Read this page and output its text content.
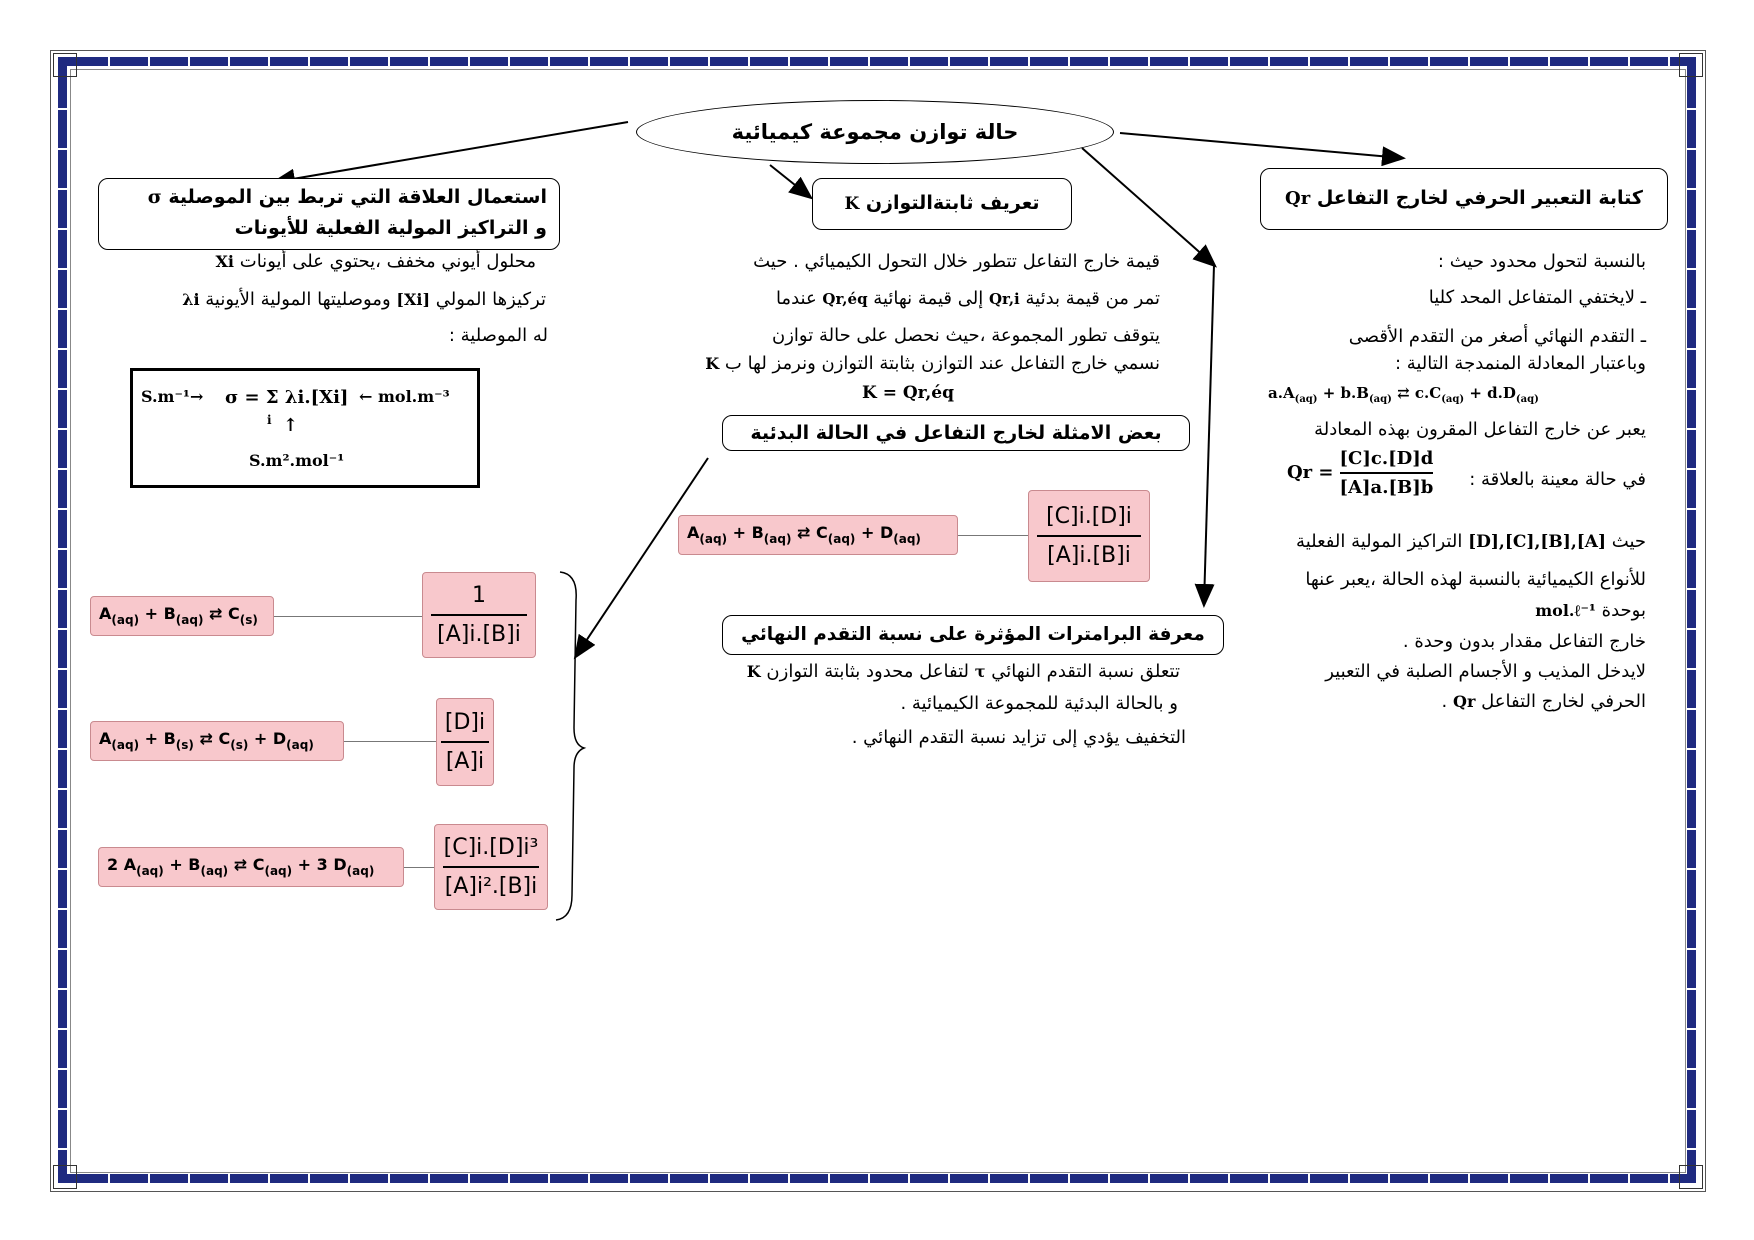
حالة توازن مجموعة كيميائية
كتابة التعبير الحرفي لخارج التفاعل Qr
تعريف ثابتةالتوازن K
استعمال العلاقة التي تربط بين الموصلية σ
و التراكيز المولية الفعلية للأيونات
بالنسبة لتحول محدود حيث :
ـ لايختفي المتفاعل المحد كليا
ـ التقدم النهائي أصغر من التقدم الأقصى
وباعتبار المعادلة المنمدجة التالية :
$a.A_{(aq)} + b.B_{(aq)}$ ⇄ $c.C_{(aq)} + d.D_{(aq)}$
يعبر عن خارج التفاعل المقرون بهذه المعادلة
في حالة معينة بالعلاقة :
Qr =
[C]c.[D]d
[A]a.[B]b
حيث [D],[C],[B],[A] التراكيز المولية الفعلية
للأنواع الكيميائية بالنسبة لهذه الحالة ،يعبر عنها
بوحدة mol.ℓ⁻¹
خارج التفاعل مقدار بدون وحدة .
لايدخل المذيب و الأجسام الصلبة في التعبير
الحرفي لخارج التفاعل Qr .
قيمة خارج التفاعل تتطور خلال التحول الكيميائي . حيث
تمر من قيمة بدئية Qr,i إلى قيمة نهائية Qr,éq عندما
يتوقف تطور المجموعة ،حيث نحصل على حالة توازن
نسمي خارج التفاعل عند التوازن بثابتة التوازن ونرمز لها ب K
K = Qr,éq
بعض الامثلة لخارج التفاعل في الحالة البدئية
$A_{(aq)} + B_{(aq)}$ ⇄ $C_{(aq)} + D_{(aq)}$
[C]i.[D]i
[A]i.[B]i
$A_{(aq)} + B_{(aq)}$ ⇄ $C_{(s)}$
1
[A]i.[B]i
$A_{(aq)} + B_{(s)}$ ⇄ $C_{(s)} + D_{(aq)}$
[D]i
[A]i
2 $A_{(aq)} + B_{(aq)}$ ⇄ $C_{(aq)} + 3$ $D_{(aq)}$
[C]i.[D]i³
[A]i².[B]i
معرفة البرامترات المؤثرة على نسبة التقدم النهائي
تتعلق نسبة التقدم النهائي τ لتفاعل محدود بثابتة التوازن K
و بالحالة البدئية للمجموعة الكيميائية .
التخفيف يؤدي إلى تزايد نسبة التقدم النهائي .
محلول أيوني مخفف ،يحتوي على أيونات Xi
تركيزها المولي [Xi] وموصليتها المولية الأيونية λi
له الموصلية :
S.m⁻¹→ σ = Σ λi.[Xi]
i
← mol.m⁻³
↑
S.m².mol⁻¹
